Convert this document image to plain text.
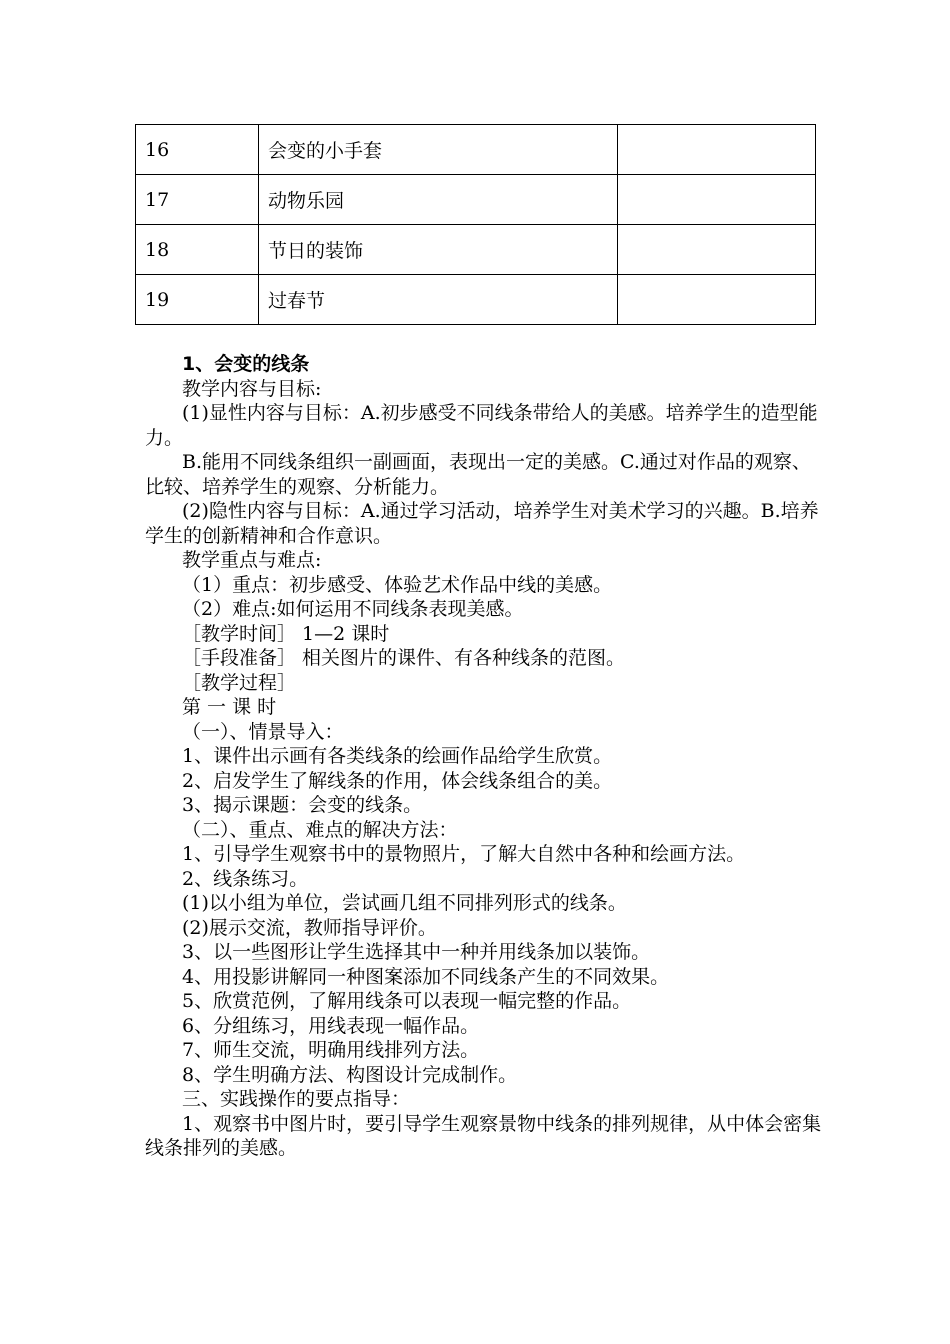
16	会变的小手套	
17	动物乐园	
18	节日的装饰	
19	过春节	

1、会变的线条

教学内容与目标:

(1)显性内容与目标：A.初步感受不同线条带给人的美感。培养学生的造型能力。

B.能用不同线条组织一副画面，表现出一定的美感。C.通过对作品的观察、比较、培养学生的观察、分析能力。

(2)隐性内容与目标：A.通过学习活动，培养学生对美术学习的兴趣。B.培养学生的创新精神和合作意识。

教学重点与难点:

（1）重点：初步感受、体验艺术作品中线的美感。

（2）难点:如何运用不同线条表现美感。

［教学时间］ 1—2 课时

［手段准备］ 相关图片的课件、有各种线条的范图。

［教学过程］

第 一 课 时

（一）、情景导入：

1、课件出示画有各类线条的绘画作品给学生欣赏。

2、启发学生了解线条的作用，体会线条组合的美。

3、揭示课题：会变的线条。

（二）、重点、难点的解决方法：

1、引导学生观察书中的景物照片，了解大自然中各种和绘画方法。

2、线条练习。

(1)以小组为单位，尝试画几组不同排列形式的线条。

(2)展示交流，教师指导评价。

3、以一些图形让学生选择其中一种并用线条加以装饰。

4、用投影讲解同一种图案添加不同线条产生的不同效果。

5、欣赏范例，了解用线条可以表现一幅完整的作品。

6、分组练习，用线表现一幅作品。

7、师生交流，明确用线排列方法。

8、学生明确方法、构图设计完成制作。

三、实践操作的要点指导：

1、观察书中图片时，要引导学生观察景物中线条的排列规律，从中体会密集线条排列的美感。
